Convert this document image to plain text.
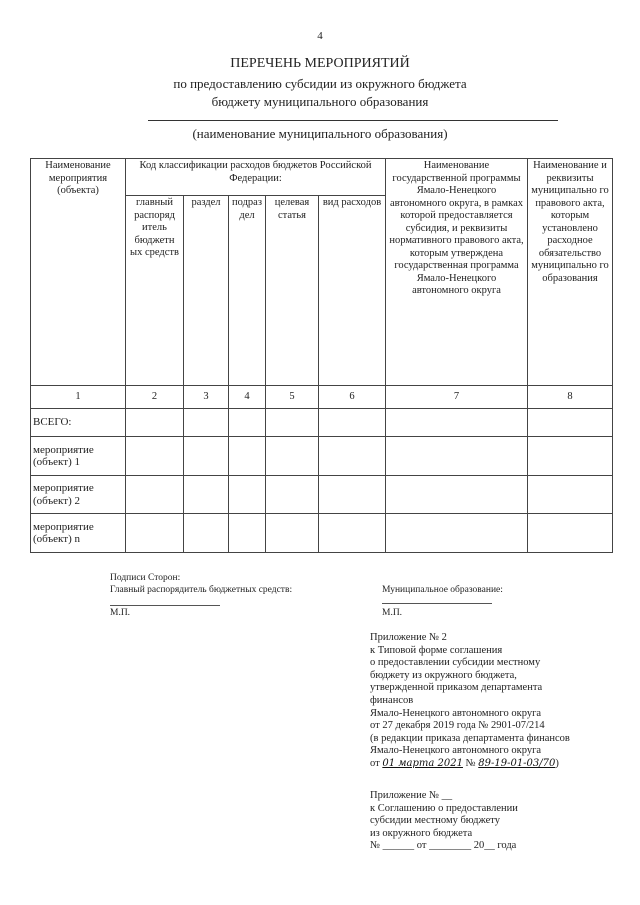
4
ПЕРЕЧЕНЬ МЕРОПРИЯТИЙ
по предоставлению субсидии из окружного бюджета
бюджету муниципального образования
(наименование муниципального образования)
Наименование мероприятия (объекта)	Код классификации расходов бюджетов Российской Федерации:					Наименование государственной программы Ямало-Ненецкого автономного округа, в рамках которой предоставляется субсидия, и реквизиты нормативного правового акта, которым утверждена государственная программа Ямало-Ненецкого автономного округа	Наименование и реквизиты муниципально го правового акта, которым установлено расходное обязательство муниципально го образования
	главный распоряд итель бюджетн ых средств	раздел	подраз дел	целевая статья	вид расходов		
1	2	3	4	5	6	7	8
ВСЕГО:							
мероприятие (объект) 1							
мероприятие (объект) 2							
мероприятие (объект) n							
Подписи Сторон:
Главный распорядитель бюджетных средств:	Муниципальное образование:
М.П.	М.П.
Приложение № 2
к Типовой форме соглашения
о предоставлении субсидии местному
бюджету из окружного бюджета,
утвержденной приказом департамента
финансов
Ямало-Ненецкого автономного округа
от 27 декабря 2019 года № 2901-07/214
(в редакции приказа департамента финансов
Ямало-Ненецкого автономного округа
от 01 марта 2021 № 89-19-01-03/70)
Приложение № __
к Соглашению о предоставлении
субсидии местному бюджету
из окружного бюджета
№ ______ от ________ 20__ года
